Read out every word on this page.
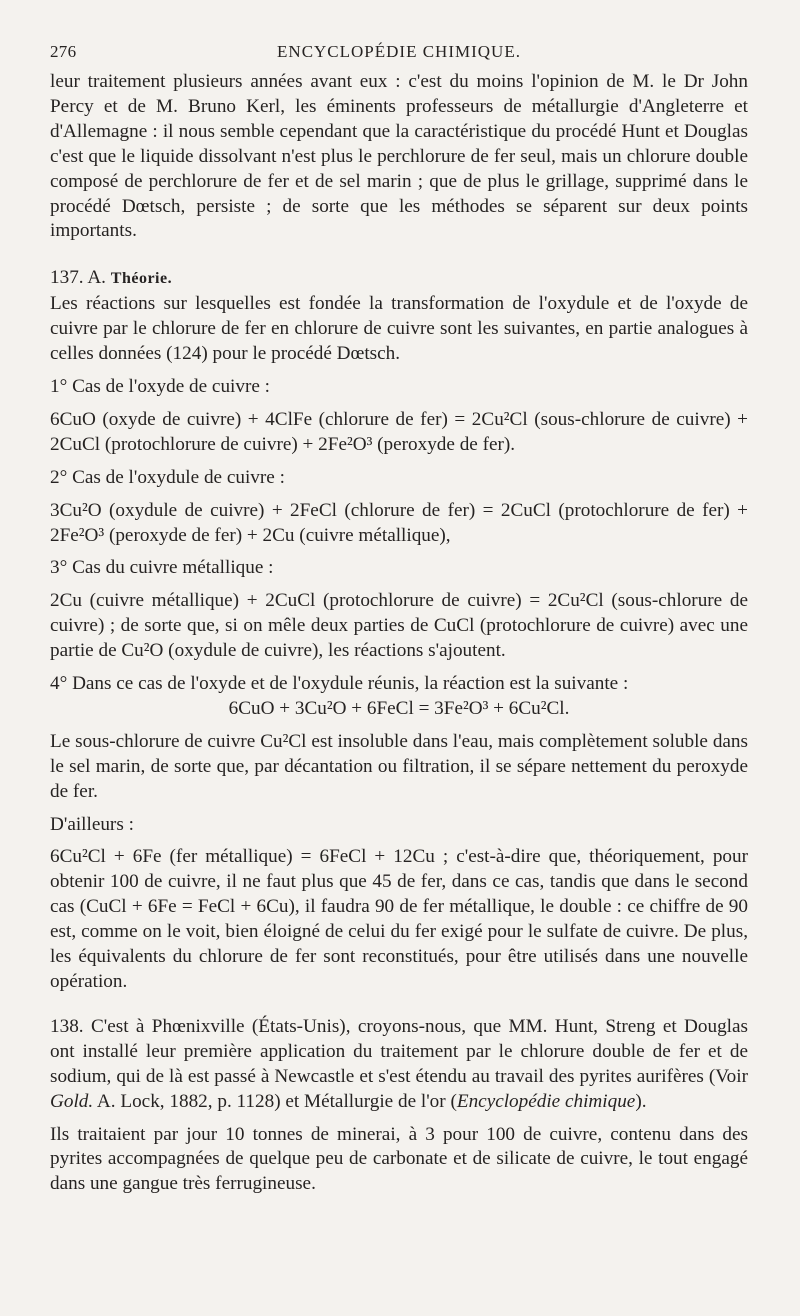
276	ENCYCLOPÉDIE CHIMIQUE.

leur traitement plusieurs années avant eux : c'est du moins l'opinion de M. le Dr John Percy et de M. Bruno Kerl, les éminents professeurs de métallurgie d'Angleterre et d'Allemagne : il nous semble cependant que la caractéristique du procédé Hunt et Douglas c'est que le liquide dissolvant n'est plus le perchlorure de fer seul, mais un chlorure double composé de perchlorure de fer et de sel marin ; que de plus le grillage, supprimé dans le procédé Dœtsch, persiste ; de sorte que les méthodes se séparent sur deux points importants.

137. A. Théorie.

Les réactions sur lesquelles est fondée la transformation de l'oxydule et de l'oxyde de cuivre par le chlorure de fer en chlorure de cuivre sont les suivantes, en partie analogues à celles données (124) pour le procédé Dœtsch.

1° Cas de l'oxyde de cuivre :

6CuO (oxyde de cuivre) + 4ClFe (chlorure de fer) = 2Cu²Cl (sous-chlorure de cuivre) + 2CuCl (protochlorure de cuivre) + 2Fe²O³ (peroxyde de fer).

2° Cas de l'oxydule de cuivre :

3Cu²O (oxydule de cuivre) + 2FeCl (chlorure de fer) = 2CuCl (protochlorure de fer) + 2Fe²O³ (peroxyde de fer) + 2Cu (cuivre métallique),

3° Cas du cuivre métallique :

2Cu (cuivre métallique) + 2CuCl (protochlorure de cuivre) = 2Cu²Cl (sous-chlorure de cuivre) ; de sorte que, si on mêle deux parties de CuCl (protochlorure de cuivre) avec une partie de Cu²O (oxydule de cuivre), les réactions s'ajoutent.

4° Dans ce cas de l'oxyde et de l'oxydule réunis, la réaction est la suivante :

6CuO + 3Cu²O + 6FeCl = 3Fe²O³ + 6Cu²Cl.

Le sous-chlorure de cuivre Cu²Cl est insoluble dans l'eau, mais complètement soluble dans le sel marin, de sorte que, par décantation ou filtration, il se sépare nettement du peroxyde de fer.

D'ailleurs :

6Cu²Cl + 6Fe (fer métallique) = 6FeCl + 12Cu ; c'est-à-dire que, théoriquement, pour obtenir 100 de cuivre, il ne faut plus que 45 de fer, dans ce cas, tandis que dans le second cas (CuCl + 6Fe = FeCl + 6Cu), il faudra 90 de fer métallique, le double : ce chiffre de 90 est, comme on le voit, bien éloigné de celui du fer exigé pour le sulfate de cuivre. De plus, les équivalents du chlorure de fer sont reconstitués, pour être utilisés dans une nouvelle opération.

138. C'est à Phœnixville (États-Unis), croyons-nous, que MM. Hunt, Streng et Douglas ont installé leur première application du traitement par le chlorure double de fer et de sodium, qui de là est passé à Newcastle et s'est étendu au travail des pyrites aurifères (Voir Gold. A. Lock, 1882, p. 1128) et Métallurgie de l'or (Encyclopédie chimique).

Ils traitaient par jour 10 tonnes de minerai, à 3 pour 100 de cuivre, contenu dans des pyrites accompagnées de quelque peu de carbonate et de silicate de cuivre, le tout engagé dans une gangue très ferrugineuse.
